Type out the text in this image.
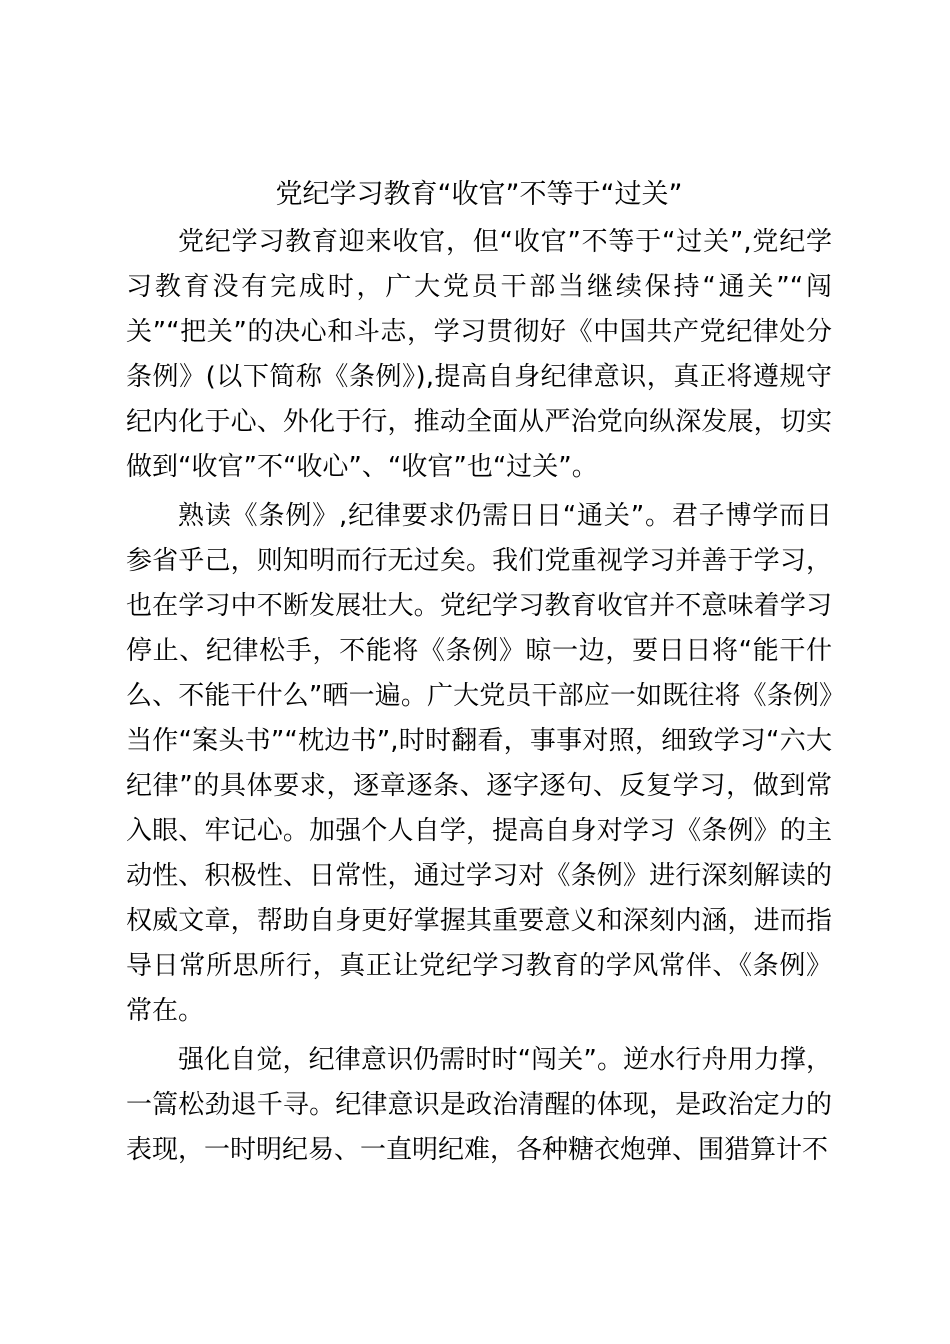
党纪学习教育“收官”不等于“过关”

党纪学习教育迎来收官，但“收官”不等于“过关”,党纪学习教育没有完成时，广大党员干部当继续保持“通关”“闯关”“把关”的决心和斗志，学习贯彻好《中国共产党纪律处分条例》(以下简称《条例》),提高自身纪律意识，真正将遵规守纪内化于心、外化于行，推动全面从严治党向纵深发展，切实做到“收官”不“收心”、“收官”也“过关”。

熟读《条例》,纪律要求仍需日日“通关”。君子博学而日参省乎己，则知明而行无过矣。我们党重视学习并善于学习，也在学习中不断发展壮大。党纪学习教育收官并不意味着学习停止、纪律松手，不能将《条例》晾一边，要日日将“能干什么、不能干什么”晒一遍。广大党员干部应一如既往将《条例》当作“案头书”“枕边书”,时时翻看，事事对照，细致学习“六大纪律”的具体要求，逐章逐条、逐字逐句、反复学习，做到常入眼、牢记心。加强个人自学，提高自身对学习《条例》的主动性、积极性、日常性，通过学习对《条例》进行深刻解读的权威文章，帮助自身更好掌握其重要意义和深刻内涵，进而指导日常所思所行，真正让党纪学习教育的学风常伴、《条例》常在。

强化自觉，纪律意识仍需时时“闯关”。逆水行舟用力撑，一篙松劲退千寻。纪律意识是政治清醒的体现，是政治定力的表现，一时明纪易、一直明纪难，各种糖衣炮弹、围猎算计不
